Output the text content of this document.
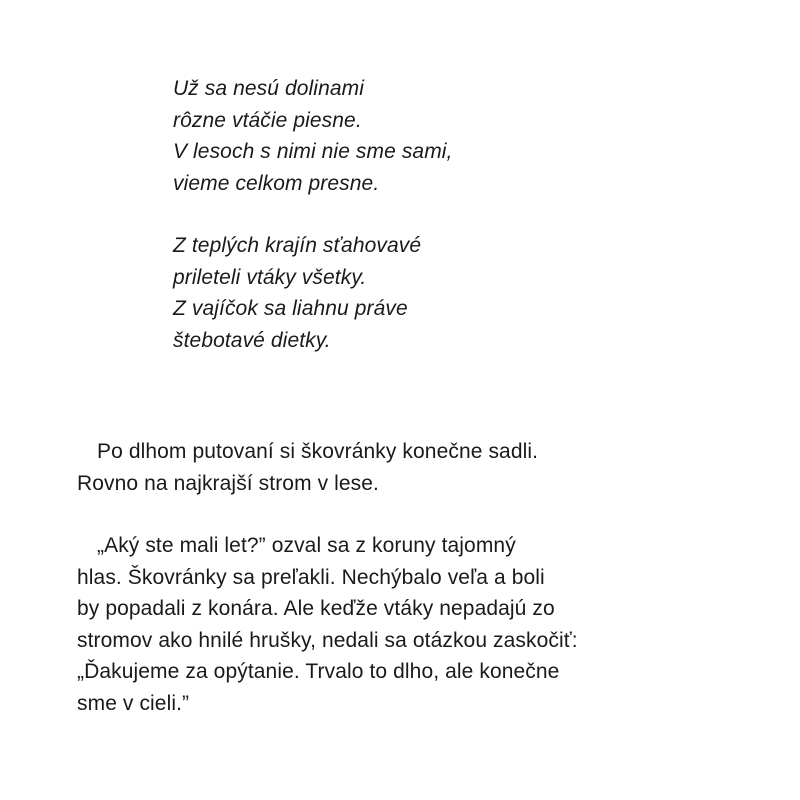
Už sa nesú dolinami
rôzne vtáčie piesne.
V lesoch s nimi nie sme sami,
vieme celkom presne.
Z teplých krajín sťahovavé
prileteli vtáky všetky.
Z vajíčok sa liahnu práve
štebotavé dietky.
Po dlhom putovaní si škovránky konečne sadli.
Rovno na najkrajší strom v lese.
„Aký ste mali let?” ozval sa z koruny tajomný
hlas. Škovránky sa preľakli. Nechýbalo veľa a boli
by popadali z konára. Ale keďže vtáky nepadajú zo
stromov ako hnilé hrušky, nedali sa otázkou zaskočiť:
„Ďakujeme za opýtanie. Trvalo to dlho, ale konečne
sme v cieli.”
